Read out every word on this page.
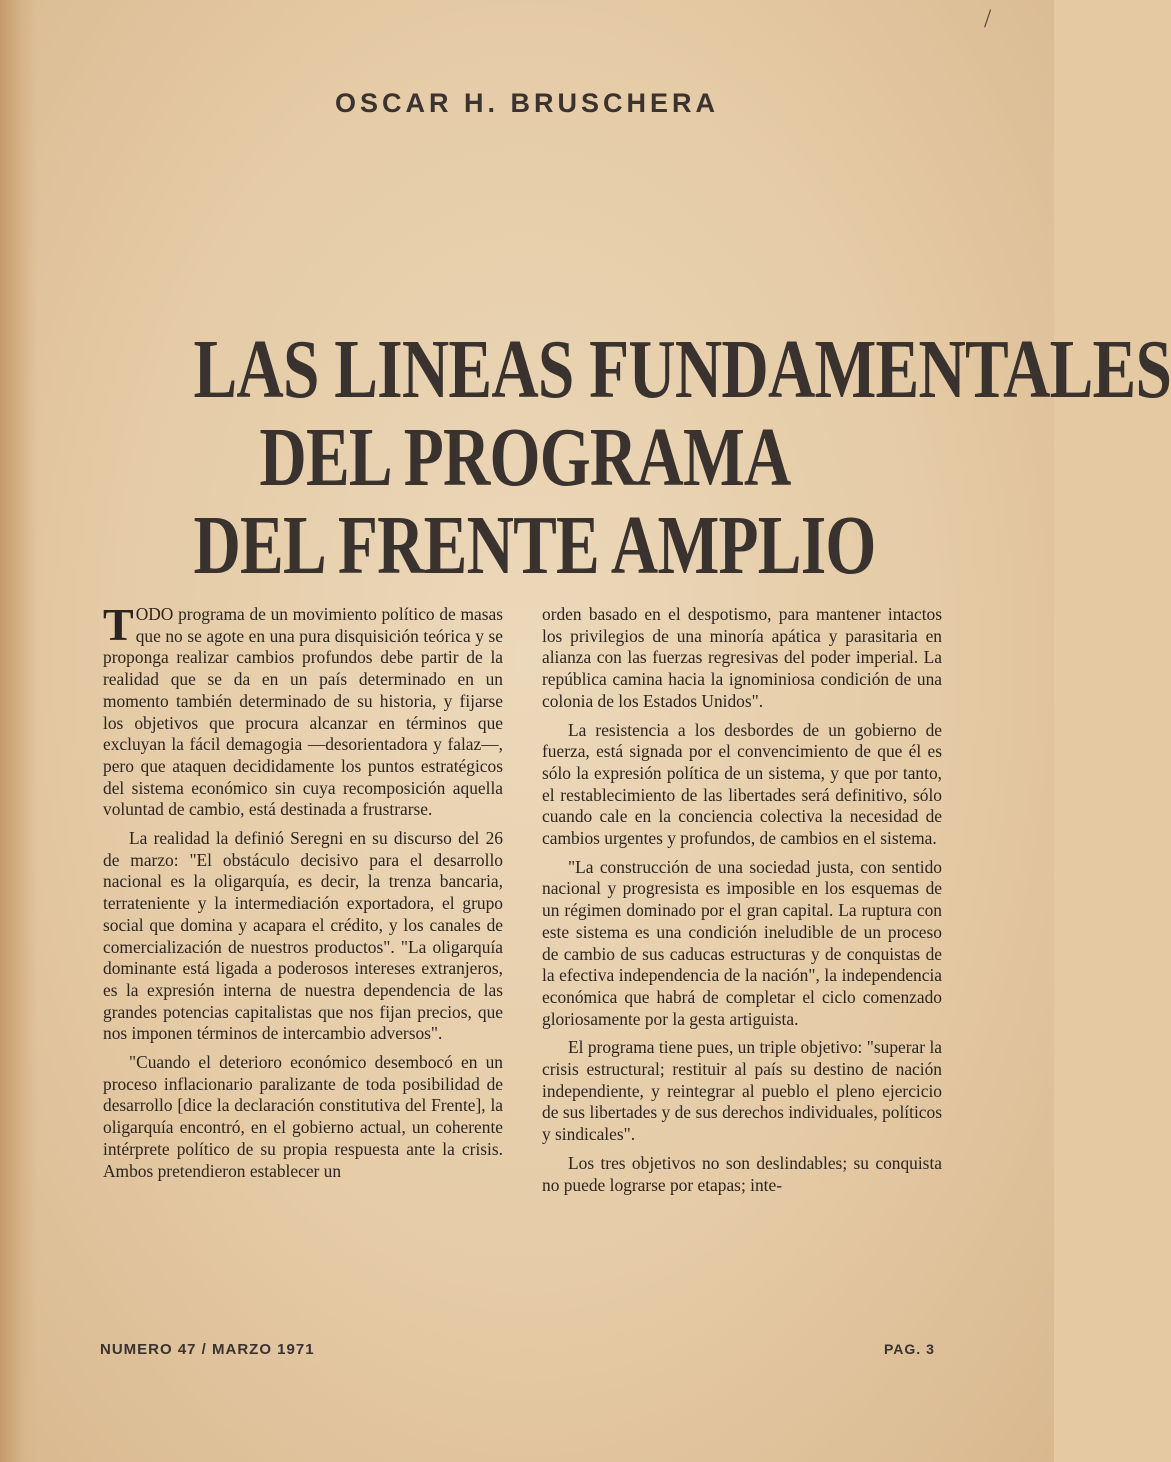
/
OSCAR H. BRUSCHERA
LAS LINEAS FUNDAMENTALES
DEL PROGRAMA
DEL FRENTE AMPLIO

TODO programa de un movimiento político de masas que no se agote en una pura disquisición teórica y se proponga realizar cambios profundos debe partir de la realidad que se da en un país determinado en un momento también determinado de su historia, y fijarse los objetivos que procura alcanzar en términos que excluyan la fácil demagogia —desorientadora y falaz—, pero que ataquen decididamente los puntos estratégicos del sistema económico sin cuya recomposición aquella voluntad de cambio, está destinada a frustrarse.

La realidad la definió Seregni en su discurso del 26 de marzo: "El obstáculo decisivo para el desarrollo nacional es la oligarquía, es decir, la trenza bancaria, terrateniente y la intermediación exportadora, el grupo social que domina y acapara el crédito, y los canales de comercialización de nuestros productos". "La oligarquía dominante está ligada a poderosos intereses extranjeros, es la expresión interna de nuestra dependencia de las grandes potencias capitalistas que nos fijan precios, que nos imponen términos de intercambio adversos".

"Cuando el deterioro económico desembocó en un proceso inflacionario paralizante de toda posibilidad de desarrollo [dice la declaración constitutiva del Frente], la oligarquía encontró, en el gobierno actual, un coherente intérprete político de su propia respuesta ante la crisis. Ambos pretendieron establecer un

orden basado en el despotismo, para mantener intactos los privilegios de una minoría apática y parasitaria en alianza con las fuerzas regresivas del poder imperial. La república camina hacia la ignominiosa condición de una colonia de los Estados Unidos".

La resistencia a los desbordes de un gobierno de fuerza, está signada por el convencimiento de que él es sólo la expresión política de un sistema, y que por tanto, el restablecimiento de las libertades será definitivo, sólo cuando cale en la conciencia colectiva la necesidad de cambios urgentes y profundos, de cambios en el sistema.

"La construcción de una sociedad justa, con sentido nacional y progresista es imposible en los esquemas de un régimen dominado por el gran capital. La ruptura con este sistema es una condición ineludible de un proceso de cambio de sus caducas estructuras y de conquistas de la efectiva independencia de la nación", la independencia económica que habrá de completar el ciclo comenzado gloriosamente por la gesta artiguista.

El programa tiene pues, un triple objetivo: "superar la crisis estructural; restituir al país su destino de nación independiente, y reintegrar al pueblo el pleno ejercicio de sus libertades y de sus derechos individuales, políticos y sindicales".

Los tres objetivos no son deslindables; su conquista no puede lograrse por etapas; inte-

NUMERO 47 / MARZO 1971	PAG. 3
